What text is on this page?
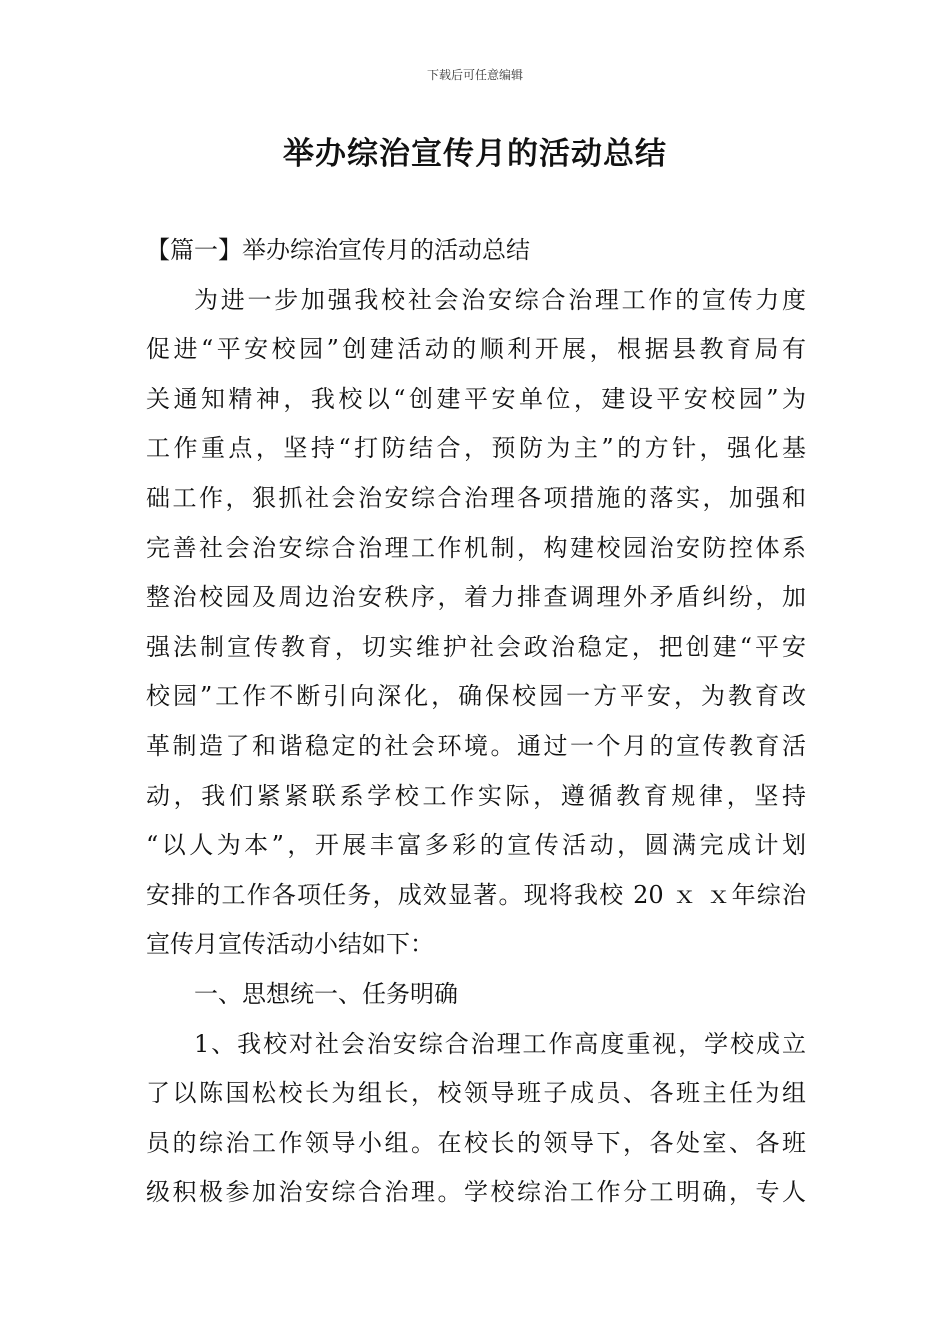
下载后可任意编辑
举办综治宣传月的活动总结
【篇一】举办综治宣传月的活动总结
为进一步加强我校社会治安综合治理工作的宣传力度
促进“平安校园”创建活动的顺利开展，根据县教育局有
关通知精神，我校以“创建平安单位，建设平安校园”为
工作重点，坚持“打防结合，预防为主”的方针，强化基
础工作，狠抓社会治安综合治理各项措施的落实，加强和
完善社会治安综合治理工作机制，构建校园治安防控体系
整治校园及周边治安秩序，着力排查调理外矛盾纠纷，加
强法制宣传教育，切实维护社会政治稳定，把创建“平安
校园”工作不断引向深化，确保校园一方平安，为教育改
革制造了和谐稳定的社会环境。通过一个月的宣传教育活
动，我们紧紧联系学校工作实际，遵循教育规律，坚持
“以人为本”，开展丰富多彩的宣传活动，圆满完成计划
安排的工作各项任务，成效显著。现将我校 20 ｘ ｘ年综治
宣传月宣传活动小结如下：
一、思想统一、任务明确
1、我校对社会治安综合治理工作高度重视，学校成立
了以陈国松校长为组长，校领导班子成员、各班主任为组
员的综治工作领导小组。在校长的领导下，各处室、各班
级积极参加治安综合治理。学校综治工作分工明确，专人
